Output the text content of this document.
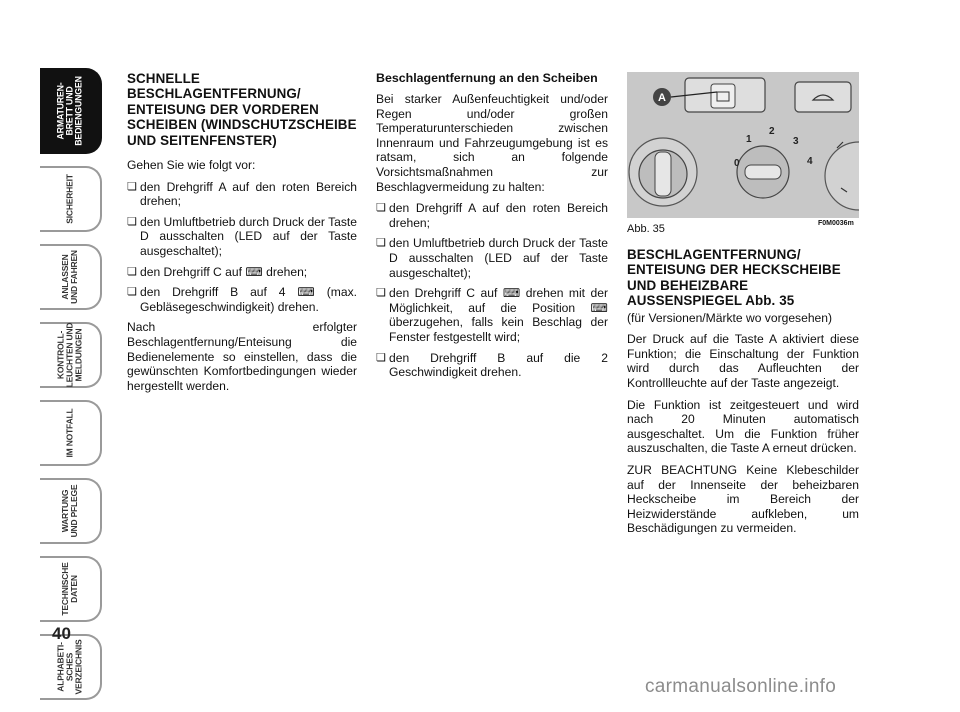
ARMATUREN-
BRETT UND
BEDIENGUNGEN
SICHERHEIT
ANLASSEN
UND FAHREN
KONTROLL-
LEUCHTEN UND
MELDUNGEN
IM NOTFALL
WARTUNG
UND PFLEGE
TECHNISCHE
DATEN
ALPHABETI-
SCHES
VERZEICHNIS
40
SCHNELLE BESCHLAGENTFERNUNG/ ENTEISUNG DER VORDEREN SCHEIBEN (WINDSCHUTZSCHEIBE UND SEITENFENSTER)

Gehen Sie wie folgt vor:

❏ den Drehgriff A auf den roten Bereich drehen;
❏ den Umluftbetrieb durch Druck der Taste D ausschalten (LED auf der Taste ausgeschaltet);
❏ den Drehgriff C auf ⌨ drehen;
❏ den Drehgriff B auf 4 ⌨ (max. Gebläsegeschwindigkeit) drehen.

Nach erfolgter Beschlagentfernung/Enteisung die Bedienelemente so einstellen, dass die gewünschten Komfortbedingungen wieder hergestellt werden.

Beschlagentfernung an den Scheiben

Bei starker Außenfeuchtigkeit und/oder Regen und/oder großen Temperaturunterschieden zwischen Innenraum und Fahrzeugumgebung ist es ratsam, sich an folgende Vorsichtsmaßnahmen zur Beschlagvermeidung zu halten:

❏ den Drehgriff A auf den roten Bereich drehen;
❏ den Umluftbetrieb durch Druck der Taste D ausschalten (LED auf der Taste ausgeschaltet);
❏ den Drehgriff C auf ⌨ drehen mit der Möglichkeit, auf die Position ⌨ überzugehen, falls kein Beschlag der Fenster festgestellt wird;
❏ den Drehgriff B auf die 2 Geschwindigkeit drehen.
A
0
1
2
3
4
Abb. 35	F0M0036m
BESCHLAGENTFERNUNG/ ENTEISUNG DER HECKSCHEIBE UND BEHEIZBARE AUSSENSPIEGEL Abb. 35

(für Versionen/Märkte wo vorgesehen)

Der Druck auf die Taste A aktiviert diese Funktion; die Einschaltung der Funktion wird durch das Aufleuchten der Kontrollleuchte auf der Taste angezeigt.

Die Funktion ist zeitgesteuert und wird nach 20 Minuten automatisch ausgeschaltet. Um die Funktion früher auszuschalten, die Taste A erneut drücken.

ZUR BEACHTUNG Keine Klebeschilder auf der Innenseite der beheizbaren Heckscheibe im Bereich der Heizwiderstände aufkleben, um Beschädigungen zu vermeiden.

carmanualsonline.info
